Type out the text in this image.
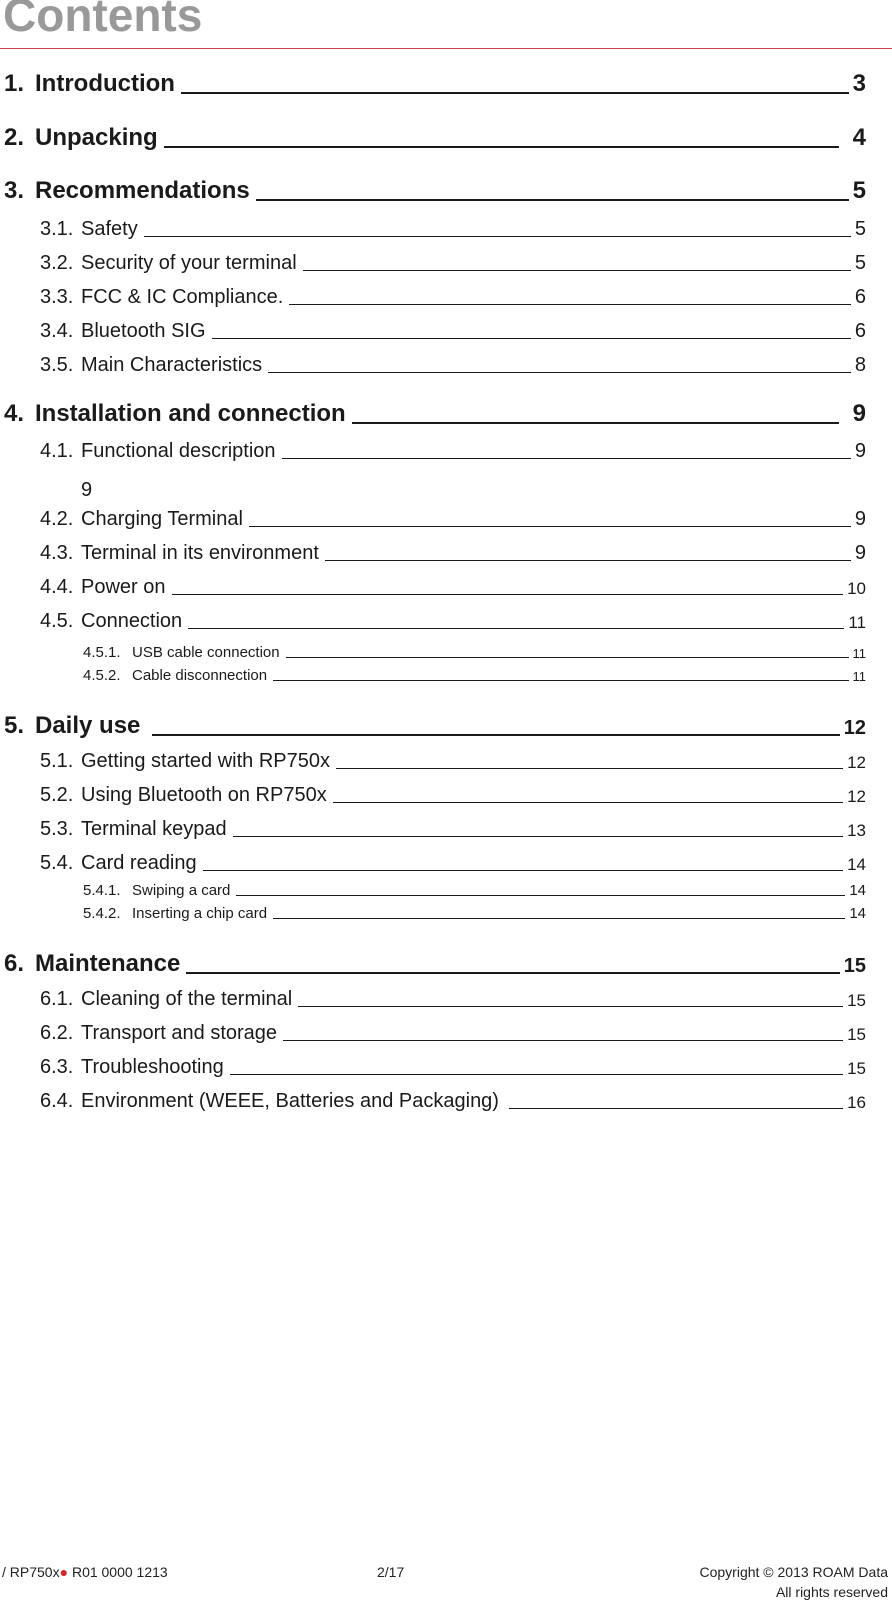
Contents
1. Introduction	3
2. Unpacking	4
3. Recommendations	5
3.1. Safety	5
3.2. Security of your terminal	5
3.3. FCC & IC Compliance.	6
3.4. Bluetooth SIG	6
3.5. Main Characteristics	8
4. Installation and connection	9
4.1. Functional description	9
9
4.2. Charging Terminal	9
4.3. Terminal in its environment	9
4.4. Power on	10
4.5. Connection	11
4.5.1. USB cable connection	11
4.5.2. Cable disconnection	11
5. Daily use	12
5.1. Getting started with RP750x	12
5.2. Using Bluetooth on RP750x	12
5.3. Terminal keypad	13
5.4. Card reading	14
5.4.1. Swiping a card	14
5.4.2. Inserting a chip card	14
6. Maintenance	15
6.1. Cleaning of the terminal	15
6.2. Transport and storage	15
6.3. Troubleshooting	15
6.4. Environment (WEEE, Batteries and Packaging)	16
/ RP750x● R01 0000 1213	2/17	Copyright © 2013 ROAM Data
All rights reserved
